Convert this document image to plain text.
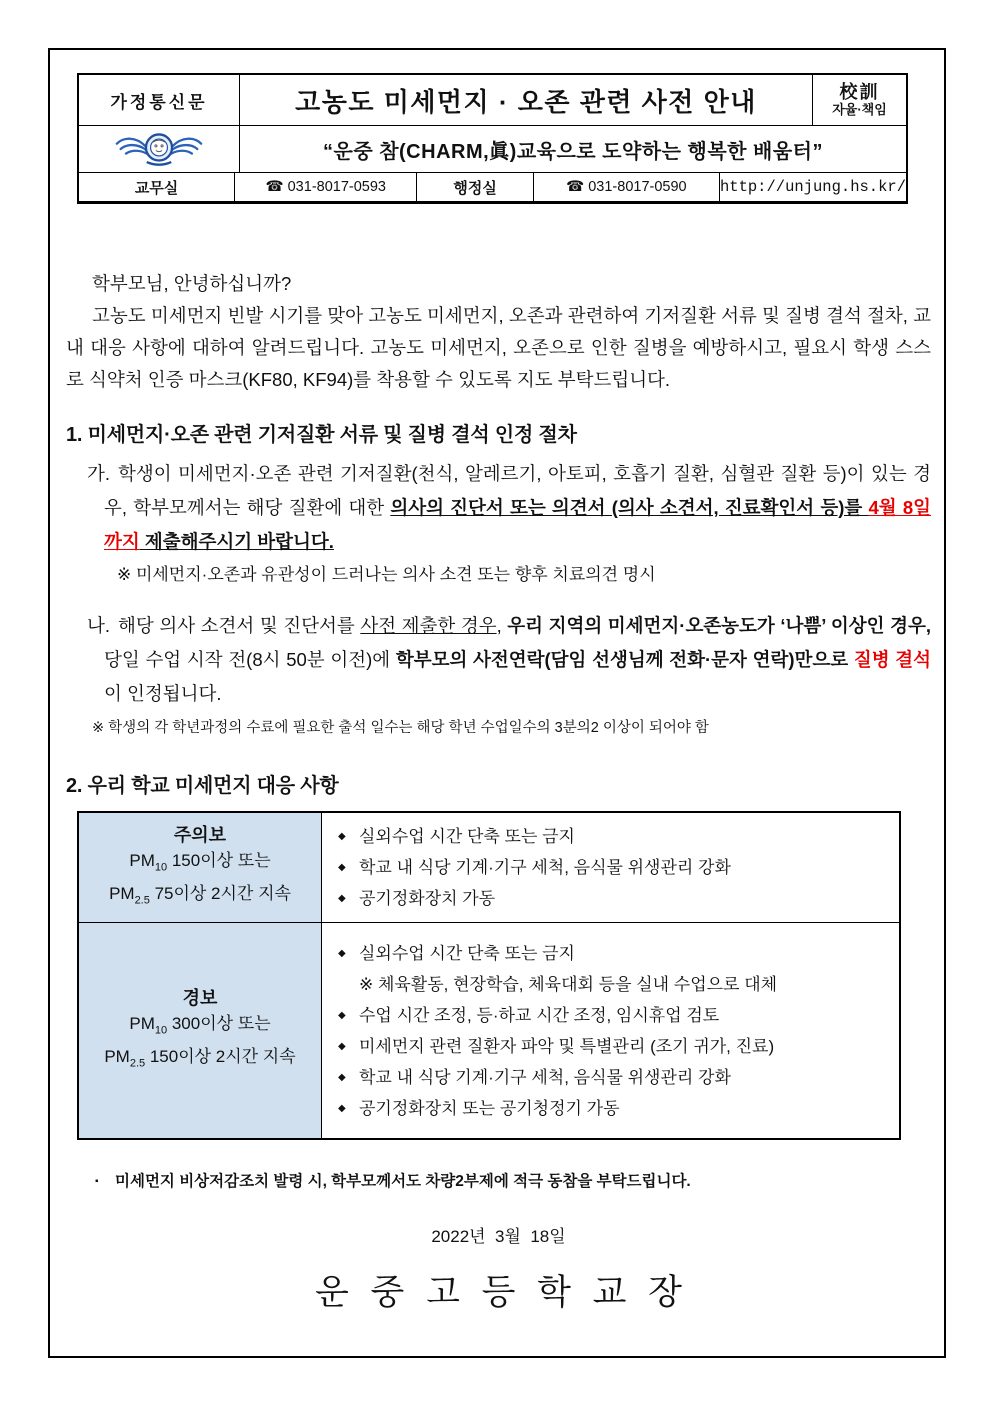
가정통신문	고농도 미세먼지 · 오존 관련 사전 안내	校訓
자율·책임
“운중 참(CHARM,眞)교육으로 도약하는 행복한 배움터”
교무실	☎ 031-8017-0593	행정실	☎ 031-8017-0590	http://unjung.hs.kr/

학부모님, 안녕하십니까?

고농도 미세먼지 빈발 시기를 맞아 고농도 미세먼지, 오존과 관련하여 기저질환 서류 및 질병 결석 절차, 교내 대응 사항에 대하여 알려드립니다. 고농도 미세먼지, 오존으로 인한 질병을 예방하시고, 필요시 학생 스스로 식약처 인증 마스크(KF80, KF94)를 착용할 수 있도록 지도 부탁드립니다.

1. 미세먼지·오존 관련 기저질환 서류 및 질병 결석 인정 절차

가. 학생이 미세먼지·오존 관련 기저질환(천식, 알레르기, 아토피, 호흡기 질환, 심혈관 질환 등)이 있는 경우, 학부모께서는 해당 질환에 대한 의사의 진단서 또는 의견서 (의사 소견서, 진료확인서 등)를 4월 8일까지 제출해주시기 바랍니다.

※ 미세먼지·오존과 유관성이 드러나는 의사 소견 또는 향후 치료의견 명시

나. 해당 의사 소견서 및 진단서를 사전 제출한 경우, 우리 지역의 미세먼지·오존농도가 ‘나쁨’ 이상인 경우, 당일 수업 시작 전(8시 50분 이전)에 학부모의 사전연락(담임 선생님께 전화·문자 연락)만으로 질병 결석이 인정됩니다.

※ 학생의 각 학년과정의 수료에 필요한 출석 일수는 해당 학년 수업일수의 3분의2 이상이 되어야 함

2. 우리 학교 미세먼지 대응 사항

주의보
$PM_{10}$ 150이상 또는
$PM_{2.5}$ 75이상 2시간 지속
◆ 실외수업 시간 단축 또는 금지
◆ 학교 내 식당 기계·기구 세척, 음식물 위생관리 강화
◆ 공기정화장치 가동
경보
$PM_{10}$ 300이상 또는
$PM_{2.5}$ 150이상 2시간 지속
◆ 실외수업 시간 단축 또는 금지
※ 체육활동, 현장학습, 체육대회 등을 실내 수업으로 대체
◆ 수업 시간 조정, 등·하교 시간 조정, 임시휴업 검토
◆ 미세먼지 관련 질환자 파악 및 특별관리 (조기 귀가, 진료)
◆ 학교 내 식당 기계·기구 세척, 음식물 위생관리 강화
◆ 공기정화장치 또는 공기청정기 가동
▪	미세먼지 비상저감조치 발령 시, 학부모께서도 차량2부제에 적극 동참을 부탁드립니다.

2022년  3월  18일

운중고등학교장
